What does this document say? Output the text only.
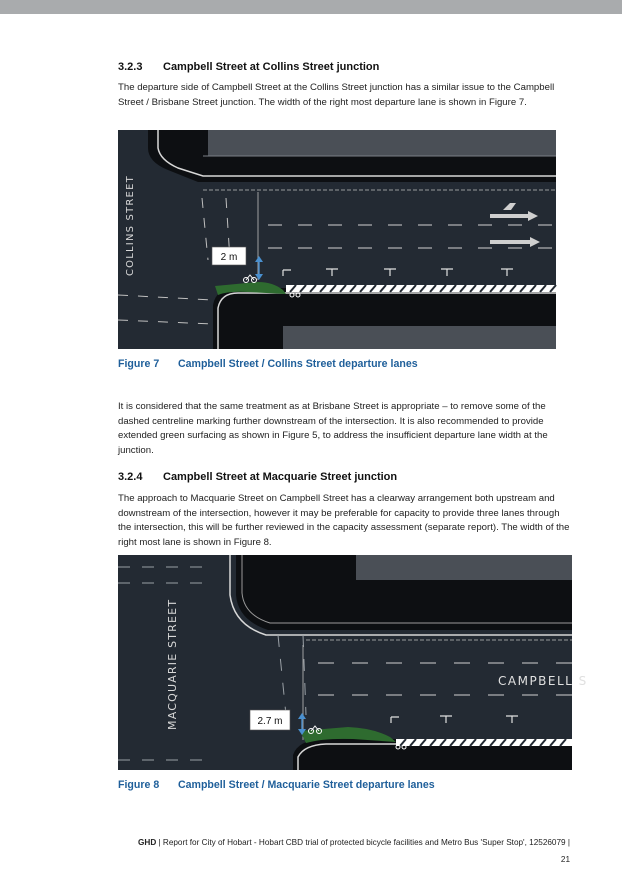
3.2.3 Campbell Street at Collins Street junction
The departure side of Campbell Street at the Collins Street junction has a similar issue to the Campbell Street / Brisbane Street junction. The width of the right most departure lane is shown in Figure 7.
2 m
COLLINS STREET
Figure 7 Campbell Street / Collins Street departure lanes
It is considered that the same treatment as at Brisbane Street is appropriate – to remove some of the dashed centreline marking further downstream of the intersection. It is also recommended to provide extended green surfacing as shown in Figure 5, to address the insufficient departure lane width at the junction.
3.2.4 Campbell Street at Macquarie Street junction
The approach to Macquarie Street on Campbell Street has a clearway arrangement both upstream and downstream of the intersection, however it may be preferable for capacity to provide three lanes through the intersection, this will be further reviewed in the capacity assessment (separate report). The width of the right most lane is shown in Figure 8.
2.7 m
MACQUARIE STREET	CAMPBELL S
Figure 8 Campbell Street / Macquarie Street departure lanes
GHD | Report for City of Hobart - Hobart CBD trial of protected bicycle facilities and Metro Bus 'Super Stop', 12526079 |
21
